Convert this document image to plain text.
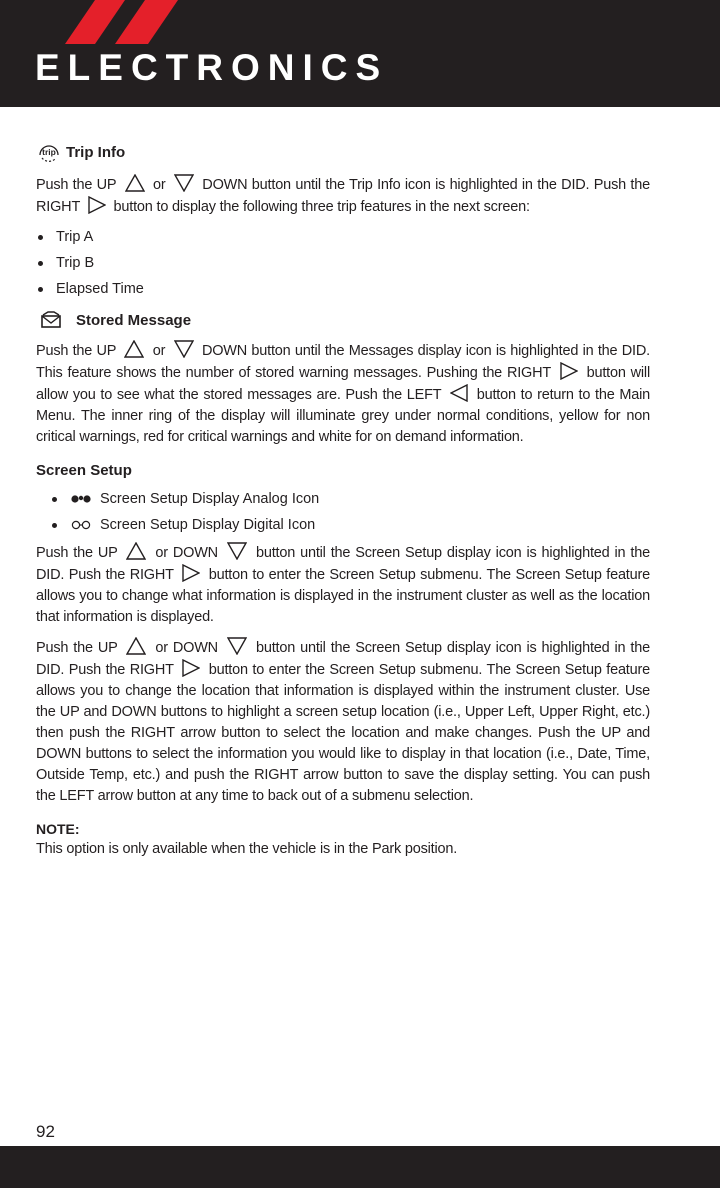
ELECTRONICS
trip Trip Info

Push the UP	or	DOWN button until the Trip Info icon is highlighted in the DID. Push the RIGHT button to display the following three trip features in the next screen:

Trip A
Trip B
Elapsed Time
Stored Message

Push the UP	or	DOWN button until the Messages display icon is highlighted in the DID. This feature shows the number of stored warning messages. Pushing the RIGHT button will allow you to see what the stored messages are. Push the LEFT button to return to the Main Menu. The inner ring of the display will illuminate grey under normal conditions, yellow for non critical warnings, red for critical warnings and white for on demand information.

Screen Setup
Screen Setup Display Analog Icon
Screen Setup Display Digital Icon

Push the UP	or DOWN	button until the Screen Setup display icon is highlighted in the DID. Push the RIGHT button to enter the Screen Setup submenu. The Screen Setup feature allows you to change what information is displayed in the instrument cluster as well as the location that information is displayed.

Push the UP	or DOWN	button until the Screen Setup display icon is highlighted in the DID. Push the RIGHT button to enter the Screen Setup submenu. The Screen Setup feature allows you to change the location that information is displayed within the instrument cluster. Use the UP and DOWN buttons to highlight a screen setup location (i.e., Upper Left, Upper Right, etc.) then push the RIGHT arrow button to select the location and make changes. Push the UP and DOWN buttons to select the information you would like to display in that location (i.e., Date, Time, Outside Temp, etc.) and push the RIGHT arrow button to save the display setting. You can push the LEFT arrow button at any time to back out of a submenu selection.

NOTE:

This option is only available when the vehicle is in the Park position.

92
